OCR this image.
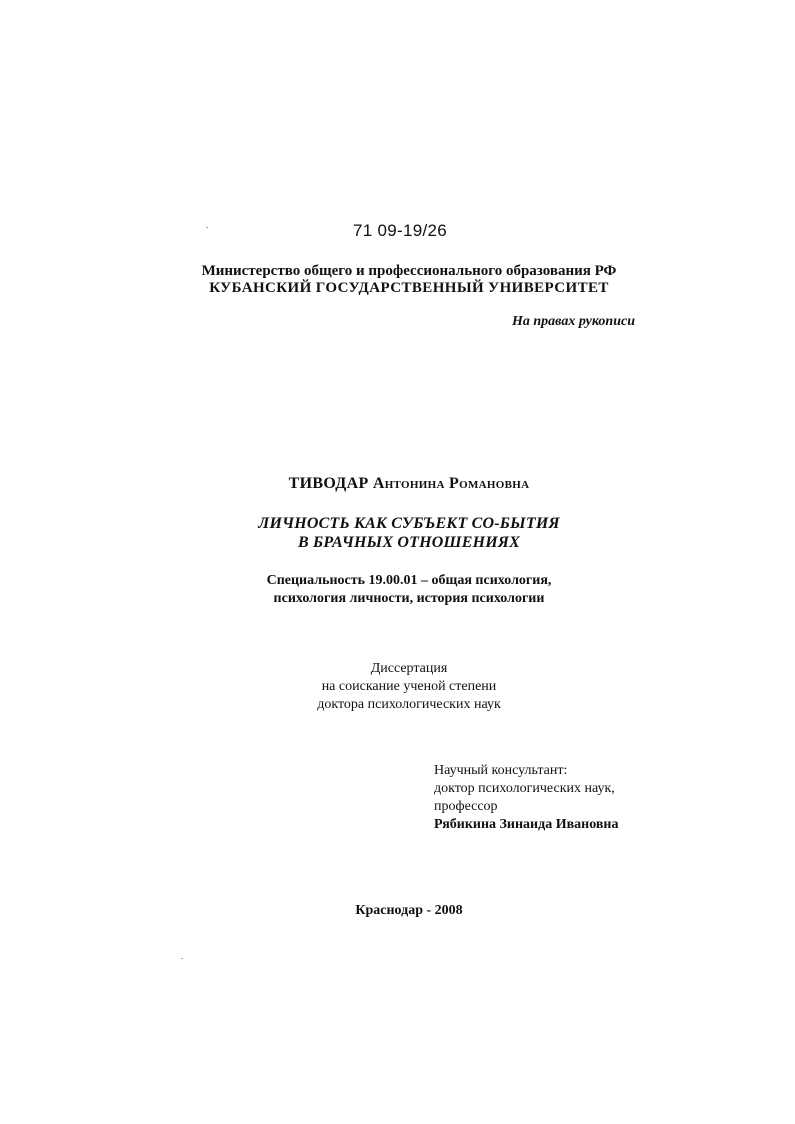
71 09-19/26
Министерство общего и профессионального образования РФ
КУБАНСКИЙ ГОСУДАРСТВЕННЫЙ УНИВЕРСИТЕТ
На правах рукописи
ТИВОДАР Антонина Романовна
ЛИЧНОСТЬ КАК СУБЪЕКТ СО-БЫТИЯ
В БРАЧНЫХ ОТНОШЕНИЯХ
Специальность 19.00.01 – общая психология,
психология личности, история психологии
Диссертация
на соискание ученой степени
доктора психологических наук
Научный консультант:
доктор психологических наук,
профессор
Рябикина Зинаида Ивановна
Краснодар - 2008
